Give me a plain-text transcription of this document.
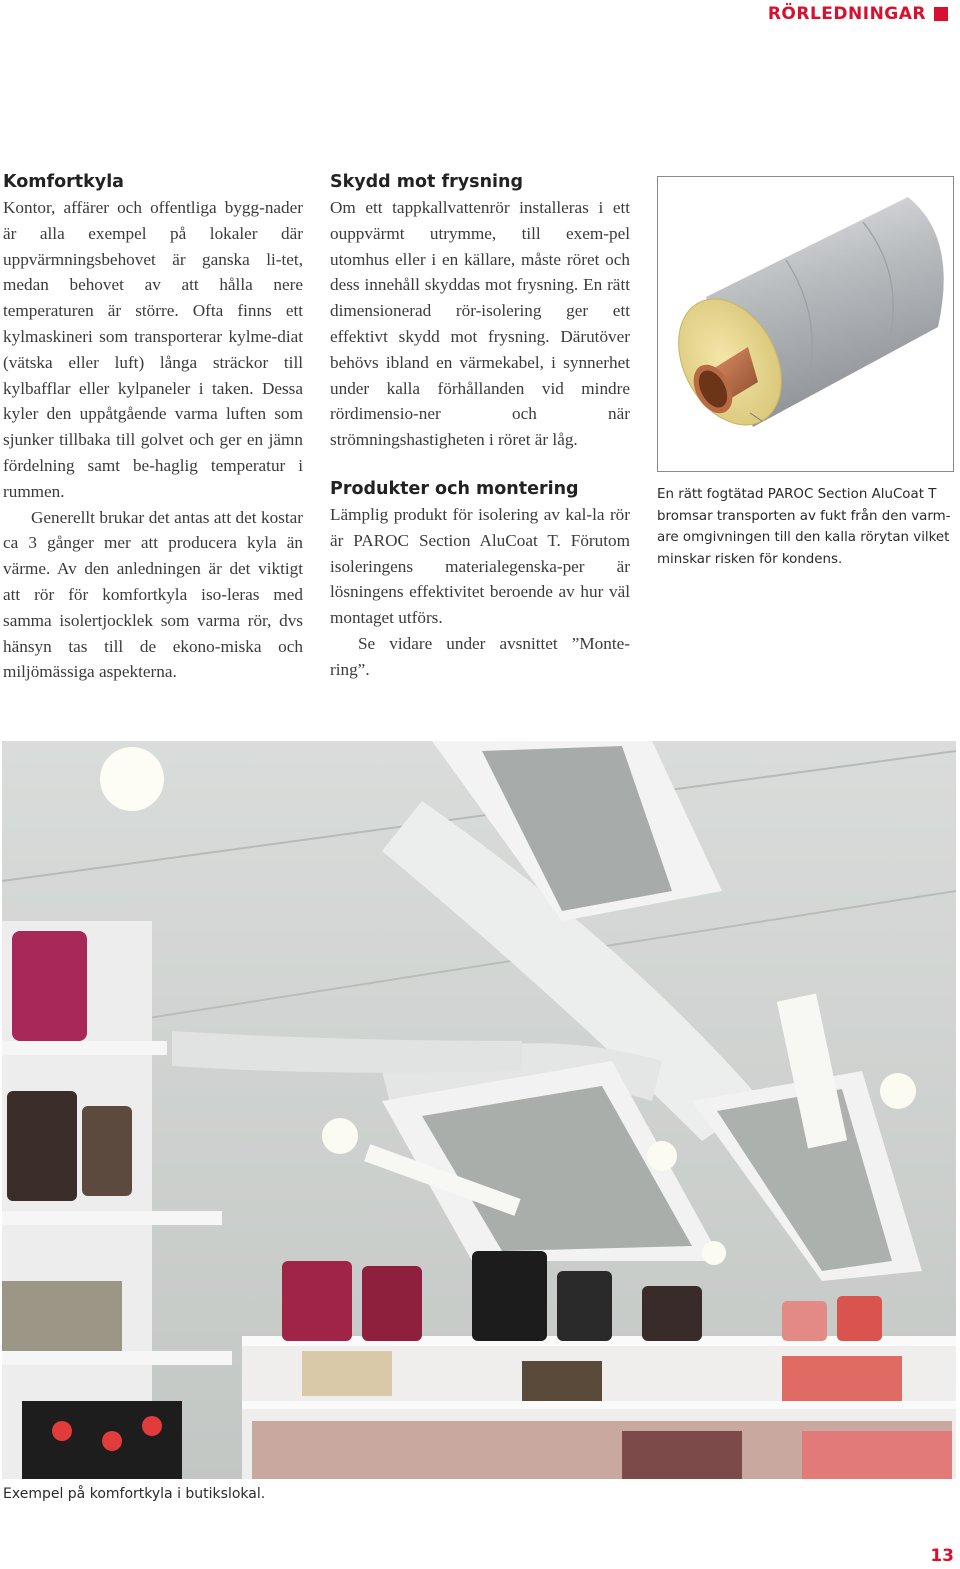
RÖRLEDNINGAR
Komfortkyla

Kontor, affärer och offentliga bygg-nader är alla exempel på lokaler där uppvärmningsbehovet är ganska li-tet, medan behovet av att hålla nere temperaturen är större. Ofta finns ett kylmaskineri som transporterar kylme-diat (vätska eller luft) långa sträckor till kylbafflar eller kylpaneler i taken. Dessa kyler den uppåtgående varma luften som sjunker tillbaka till golvet och ger en jämn fördelning samt be-haglig temperatur i rummen.

Generellt brukar det antas att det kostar ca 3 gånger mer att producera kyla än värme. Av den anledningen är det viktigt att rör för komfortkyla iso-leras med samma isolertjocklek som varma rör, dvs hänsyn tas till de ekono-miska och miljömässiga aspekterna.

Skydd mot frysning

Om ett tappkallvattenrör installeras i ett ouppvärmt utrymme, till exem-pel utomhus eller i en källare, måste röret och dess innehåll skyddas mot frysning. En rätt dimensionerad rör-isolering ger ett effektivt skydd mot frysning. Därutöver behövs ibland en värmekabel, i synnerhet under kalla förhållanden vid mindre rördimensio-ner och när strömningshastigheten i röret är låg.

Produkter och montering

Lämplig produkt för isolering av kal-la rör är PAROC Section AluCoat T. Förutom isoleringens materialegenska-per är lösningens effektivitet beroende av hur väl montaget utförs.

Se vidare under avsnittet ”Monte-ring”.

En rätt fogtätad PAROC Section AluCoat T bromsar transporten av fukt från den varm-are omgivningen till den kalla rörytan vilket minskar risken för kondens.
Exempel på komfortkyla i butikslokal.
13
